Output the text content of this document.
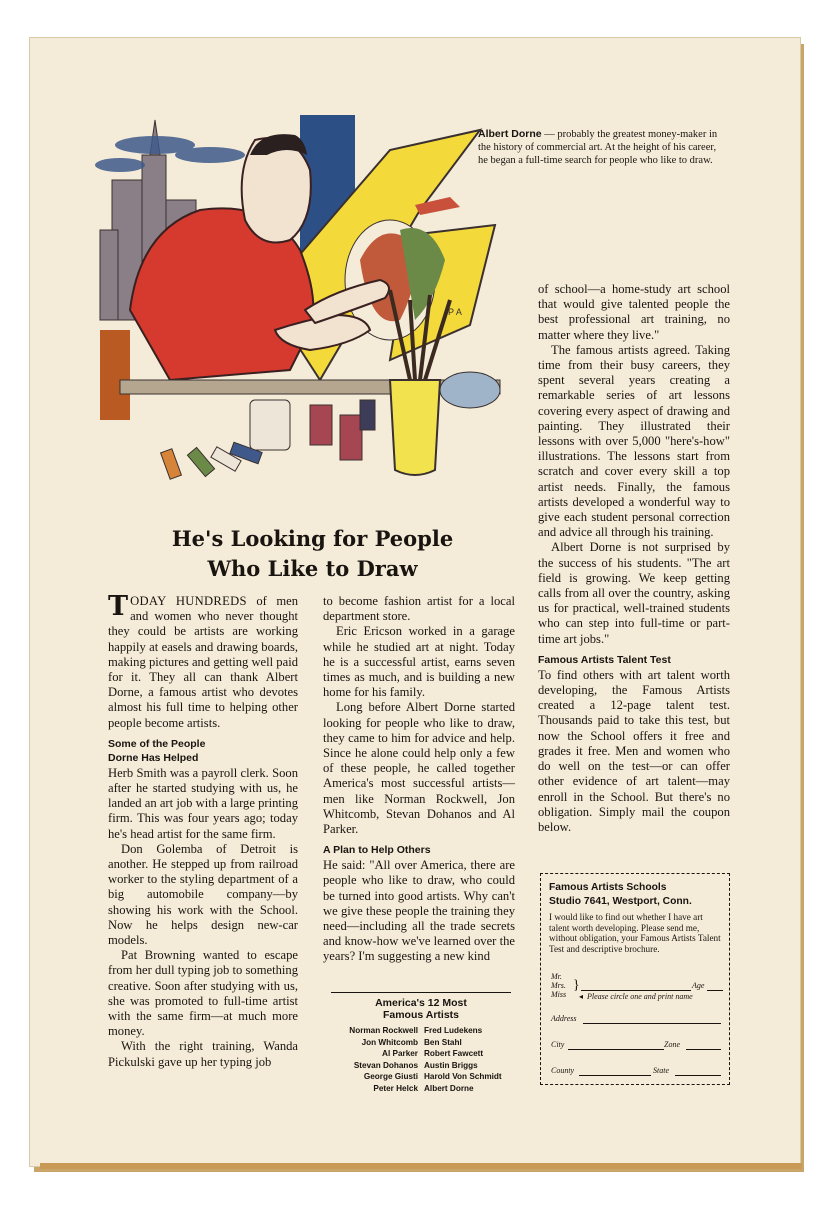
P A
Albert Dorne — probably the greatest money-maker in the history of commercial art. At the height of his career, he began a full-time search for people who like to draw.
He's Looking for People
Who Like to Draw

TODAY HUNDREDS of men and women who never thought they could be artists are working happily at easels and drawing boards, making pictures and getting well paid for it. They all can thank Albert Dorne, a famous artist who devotes almost his full time to helping other people become artists.

Some of the People
Dorne Has Helped

Herb Smith was a payroll clerk. Soon after he started studying with us, he landed an art job with a large printing firm. This was four years ago; today he's head artist for the same firm.

Don Golemba of Detroit is another. He stepped up from railroad worker to the styling department of a big automobile company—by showing his work with the School. Now he helps design new-car models.

Pat Browning wanted to escape from her dull typing job to something creative. Soon after studying with us, she was promoted to full-time artist with the same firm—at much more money.

With the right training, Wanda Pickulski gave up her typing job

to become fashion artist for a local department store.

Eric Ericson worked in a garage while he studied art at night. Today he is a successful artist, earns seven times as much, and is building a new home for his family.

Long before Albert Dorne started looking for people who like to draw, they came to him for advice and help. Since he alone could help only a few of these people, he called together America's most successful artists—men like Norman Rockwell, Jon Whitcomb, Stevan Dohanos and Al Parker.

A Plan to Help Others

He said: "All over America, there are people who like to draw, who could be turned into good artists. Why can't we give these people the training they need—including all the trade secrets and know-how we've learned over the years? I'm suggesting a new kind

America's 12 Most
Famous Artists
Norman Rockwell	Fred Ludekens
Jon Whitcomb	Ben Stahl
Al Parker	Robert Fawcett
Stevan Dohanos	Austin Briggs
George Giusti	Harold Von Schmidt
Peter Helck	Albert Dorne

of school—a home-study art school that would give talented people the best professional art training, no matter where they live."

The famous artists agreed. Taking time from their busy careers, they spent several years creating a remarkable series of art lessons covering every aspect of drawing and painting. They illustrated their lessons with over 5,000 "here's-how" illustrations. The lessons start from scratch and cover every skill a top artist needs. Finally, the famous artists developed a wonderful way to give each student personal correction and advice all through his training.

Albert Dorne is not surprised by the success of his students. "The art field is growing. We keep getting calls from all over the country, asking us for practical, well-trained students who can step into full-time or part-time art jobs."

Famous Artists Talent Test

To find others with art talent worth developing, the Famous Artists created a 12-page talent test. Thousands paid to take this test, but now the School offers it free and grades it free. Men and women who do well on the test—or can offer other evidence of art talent—may enroll in the School. But there's no obligation. Simply mail the coupon below.

Famous Artists Schools
Studio 7641, Westport, Conn.
I would like to find out whether I have art talent worth developing. Please send me, without obligation, your Famous Artists Talent Test and descriptive brochure.
Mr.
Mrs.
Miss
}	Age
◂ Please circle one and print name
Address
City	Zone
County	State
